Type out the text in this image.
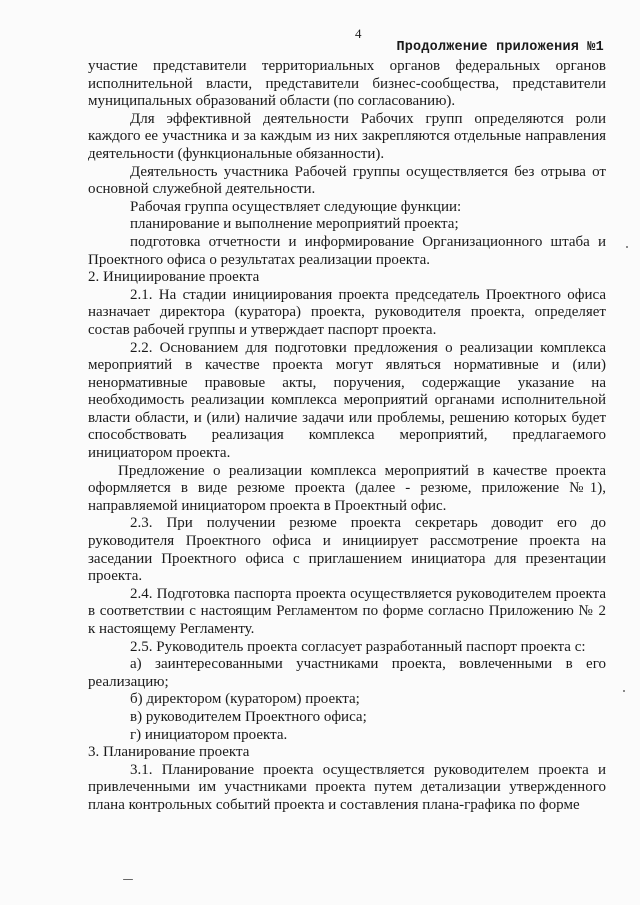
4
Продолжение приложения №1

участие представители территориальных органов федеральных органов исполнительной власти, представители бизнес-сообщества, представители муниципальных образований области (по согласованию).

Для эффективной деятельности Рабочих групп определяются роли каждого ее участника и за каждым из них закрепляются отдельные направления деятельности (функциональные обязанности).

Деятельность участника Рабочей группы осуществляется без отрыва от основной служебной деятельности.

Рабочая группа осуществляет следующие функции:

планирование и выполнение мероприятий проекта;

подготовка отчетности и информирование Организационного штаба и Проектного офиса о результатах реализации проекта.

2. Инициирование проекта

2.1. На стадии инициирования проекта председатель Проектного офиса назначает директора (куратора) проекта, руководителя проекта, определяет состав рабочей группы и утверждает паспорт проекта.

2.2. Основанием для подготовки предложения о реализации комплекса мероприятий в качестве проекта могут являться нормативные и (или) ненормативные правовые акты, поручения, содержащие указание на необходимость реализации комплекса мероприятий органами исполнительной власти области, и (или) наличие задачи или проблемы, решению которых будет способствовать реализация комплекса мероприятий, предлагаемого инициатором проекта.

Предложение о реализации комплекса мероприятий в качестве проекта оформляется в виде резюме проекта (далее - резюме, приложение №1), направляемой инициатором проекта в Проектный офис.

2.3. При получении резюме проекта секретарь доводит его до руководителя Проектного офиса и инициирует рассмотрение проекта на заседании Проектного офиса с приглашением инициатора для презентации проекта.

2.4. Подготовка паспорта проекта осуществляется руководителем проекта в соответствии с настоящим Регламентом по форме согласно Приложению № 2 к настоящему Регламенту.

2.5. Руководитель проекта согласует разработанный паспорт проекта с:

а) заинтересованными участниками проекта, вовлеченными в его реализацию;

б) директором (куратором) проекта;

в) руководителем Проектного офиса;

г) инициатором проекта.

3. Планирование проекта

3.1. Планирование проекта осуществляется руководителем проекта и привлеченными им участниками проекта путем детализации утвержденного плана контрольных событий проекта и составления плана-графика по форме
